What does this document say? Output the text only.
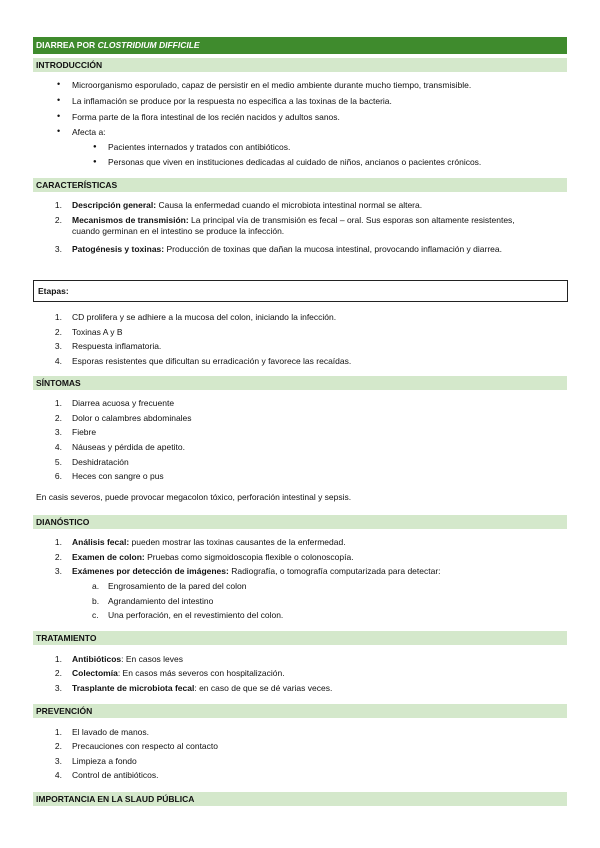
DIARREA POR CLOSTRIDIUM DIFFICILE
INTRODUCCIÓN
• Microorganismo esporulado, capaz de persistir en el medio ambiente durante mucho tiempo, transmisible.
• La inflamación se produce por la respuesta no especifica a las toxinas de la bacteria.
• Forma parte de la flora intestinal de los recién nacidos y adultos sanos.
• Afecta a:
● Pacientes internados y tratados con antibióticos.
● Personas que viven en instituciones dedicadas al cuidado de niños, ancianos o pacientes crónicos.
CARACTERÍSTICAS
1. Descripción general: Causa la enfermedad cuando el microbiota intestinal normal se altera.
2. Mecanismos de transmisión: La principal vía de transmisión es fecal – oral. Sus esporas son altamente resistentes, cuando germinan en el intestino se produce la infección.
3. Patogénesis y toxinas: Producción de toxinas que dañan la mucosa intestinal, provocando inflamación y diarrea.
Etapas:
1. CD prolifera y se adhiere a la mucosa del colon, iniciando la infección.
2. Toxinas A y B
3. Respuesta inflamatoria.
4. Esporas resistentes que dificultan su erradicación y favorece las recaídas.
SÍNTOMAS
1. Diarrea acuosa y frecuente
2. Dolor o calambres abdominales
3. Fiebre
4. Náuseas y pérdida de apetito.
5. Deshidratación
6. Heces con sangre o pus
En casis severos, puede provocar megacolon tóxico, perforación intestinal y sepsis.
DIANÓSTICO
1. Análisis fecal: pueden mostrar las toxinas causantes de la enfermedad.
2. Examen de colon: Pruebas como sigmoidoscopia flexible o colonoscopía.
3. Exámenes por detección de imágenes: Radiografía, o tomografía computarizada para detectar:
a. Engrosamiento de la pared del colon
b. Agrandamiento del intestino
c. Una perforación, en el revestimiento del colon.
TRATAMIENTO
1. Antibióticos: En casos leves
2. Colectomía: En casos más severos con hospitalización.
3. Trasplante de microbiota fecal: en caso de que se dé varias veces.
PREVENCIÓN
1. El lavado de manos.
2. Precauciones con respecto al contacto
3. Limpieza a fondo
4. Control de antibióticos.
IMPORTANCIA EN LA SLAUD PÚBLICA
